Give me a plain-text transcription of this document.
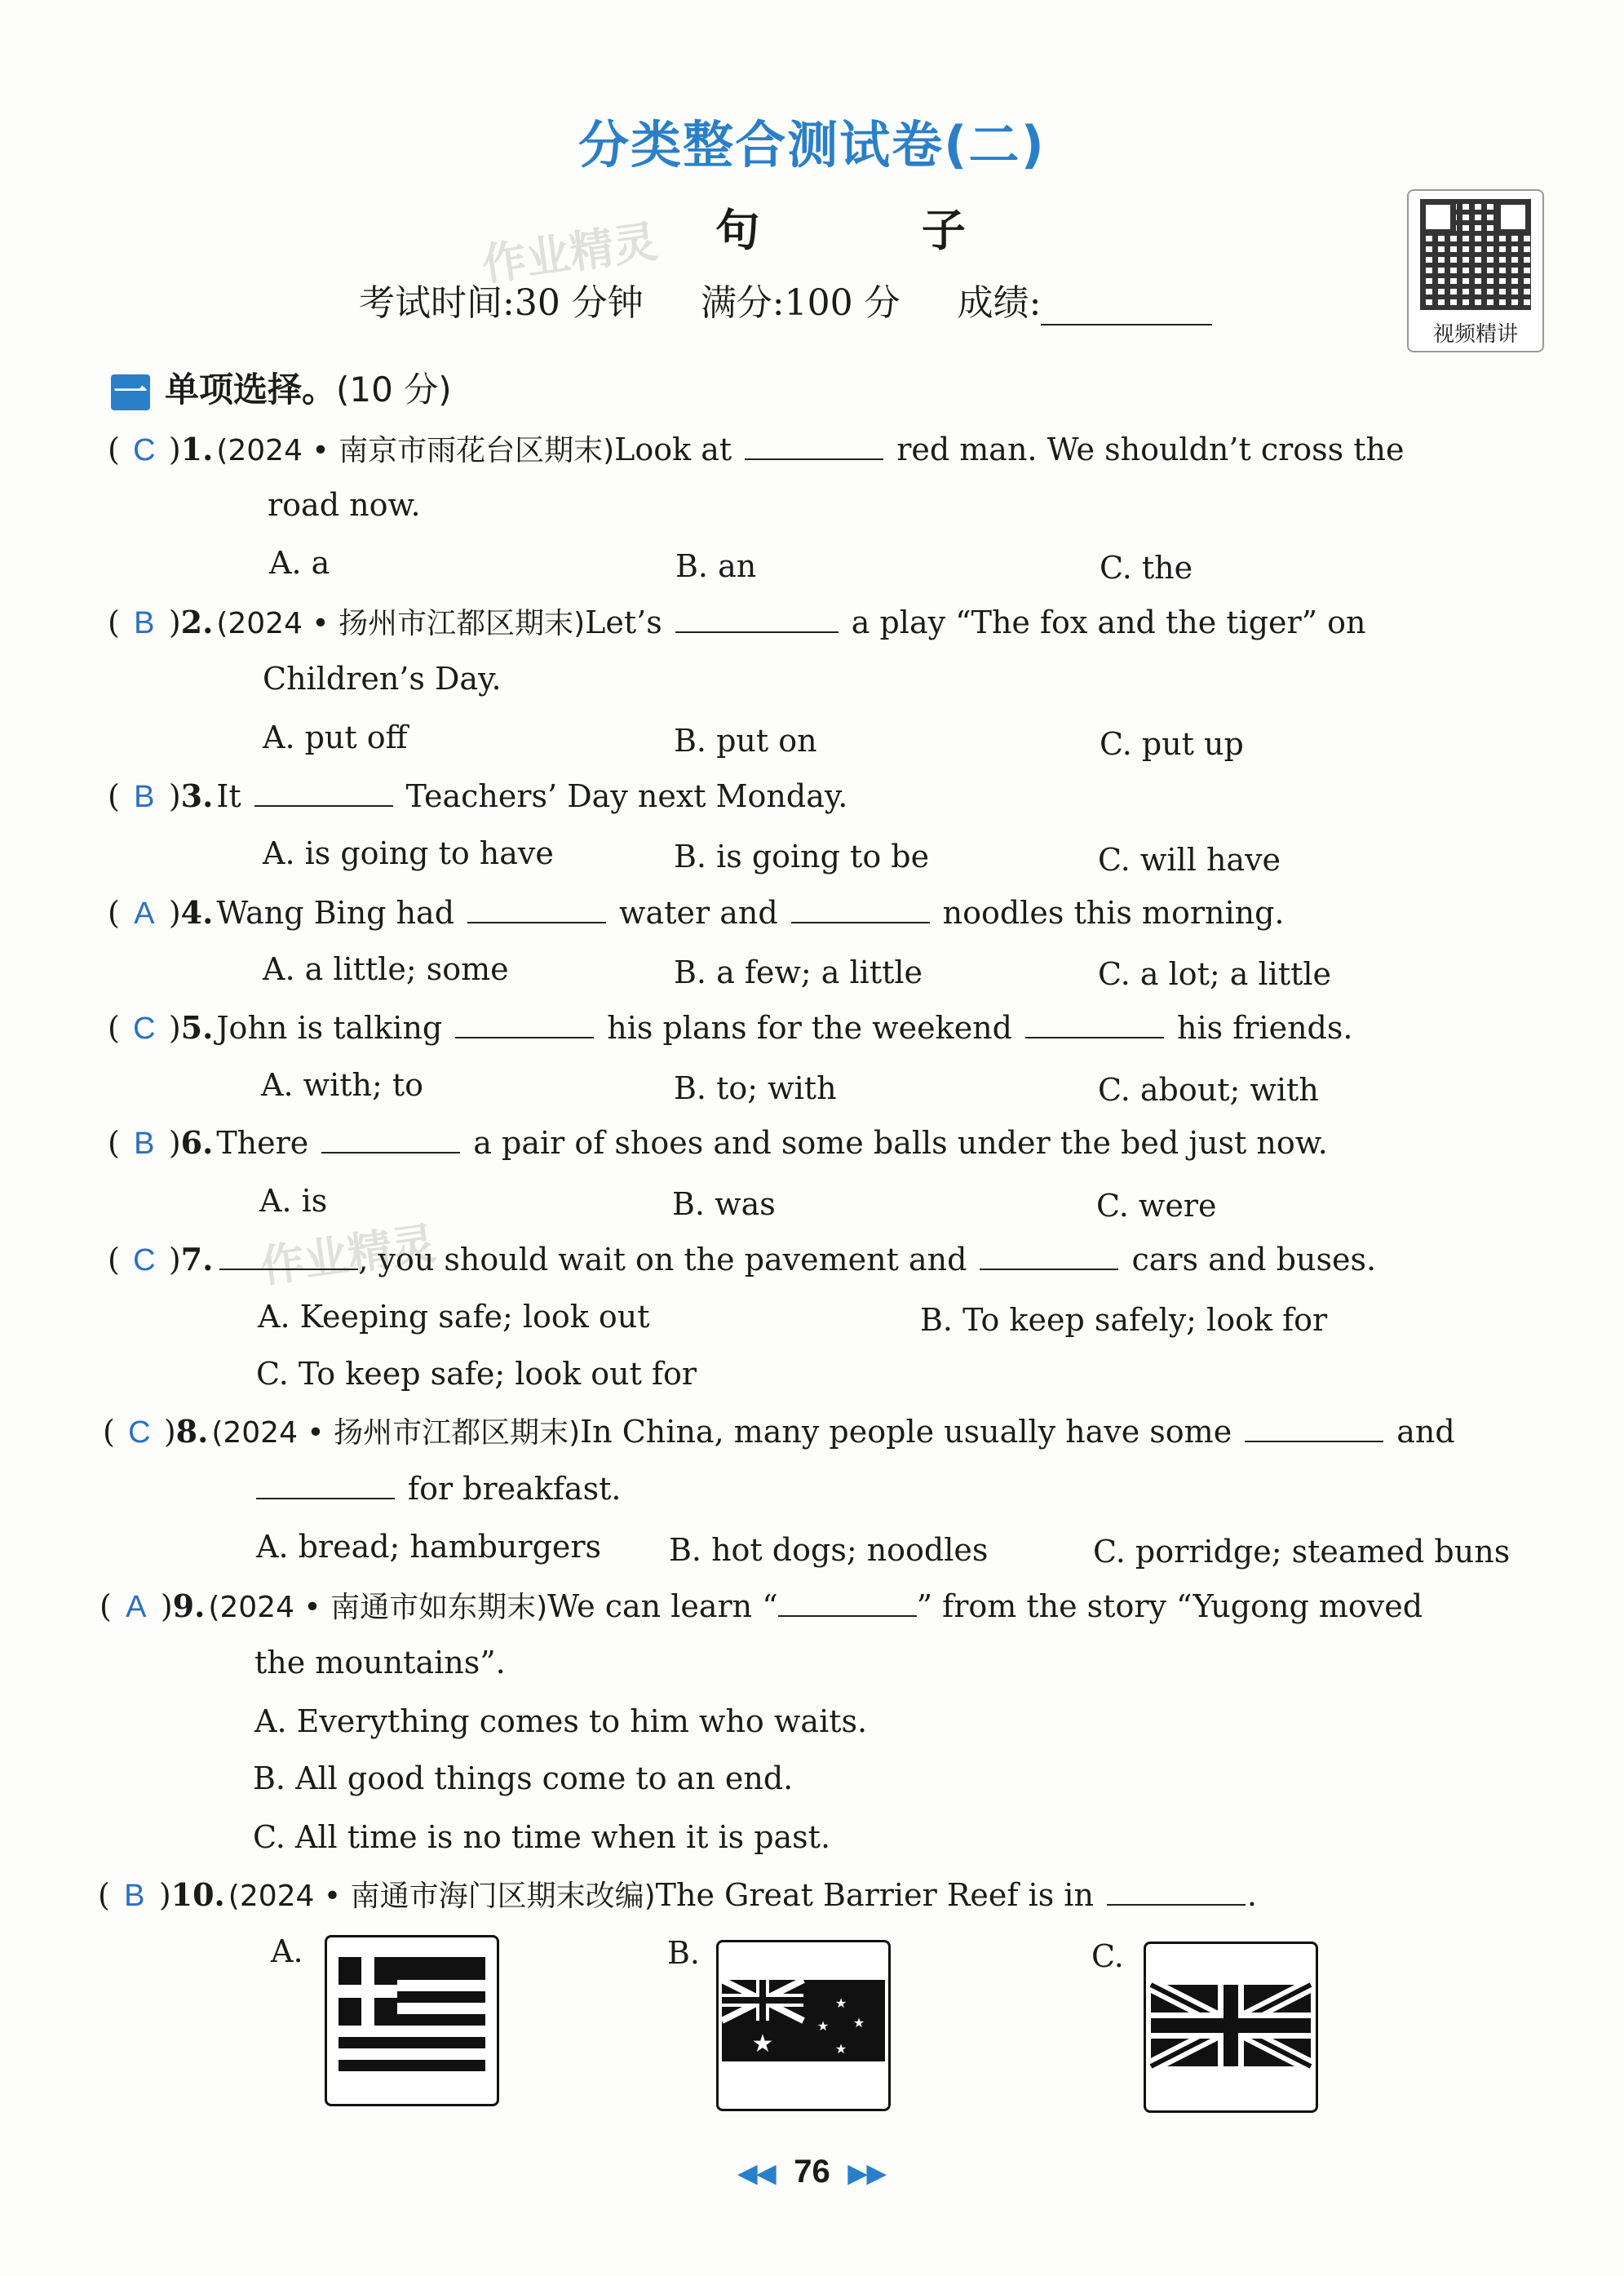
分类整合测试卷(二)
句 子
作业精灵
考试时间:30 分钟 满分:100 分 成绩:
视频精讲
一 单项选择。(10 分)
( C )1. (2024 • 南京市雨花台区期末)Look at	red man. We shouldn’t cross the
road now.
A. a	B. an	C. the
( B )2. (2024 • 扬州市江都区期末)Let’s	a play “The fox and the tiger” on
Children’s Day.
A. put off	B. put on	C. put up
( B )3. It	Teachers’ Day next Monday.
A. is going to have	B. is going to be	C. will have
( A )4. Wang Bing had	water and	noodles this morning.
A. a little; some	B. a few; a little	C. a lot; a little
( C )5. John is talking	his plans for the weekend	his friends.
A. with; to	B. to; with	C. about; with
( B )6. There	a pair of shoes and some balls under the bed just now.
A. is	B. was	C. were
作业精灵
( C )7.	, you should wait on the pavement and	cars and buses.
A. Keeping safe; look out	B. To keep safely; look for
C. To keep safe; look out for
( C )8. (2024 • 扬州市江都区期末)In China, many people usually have some	and
for breakfast.
A. bread; hamburgers B. hot dogs; noodles	C. porridge; steamed buns
( A )9. (2024 • 南通市如东期末)We can learn “	” from the story “Yugong moved
the mountains”.
A. Everything comes to him who waits.
B. All good things come to an end.
C. All time is no time when it is past.
( B )10. (2024 • 南通市海门区期末改编)The Great Barrier Reef is in	.
A.	B.
★
★
★ ★
★
C.
◀◀ 76 ▶▶
